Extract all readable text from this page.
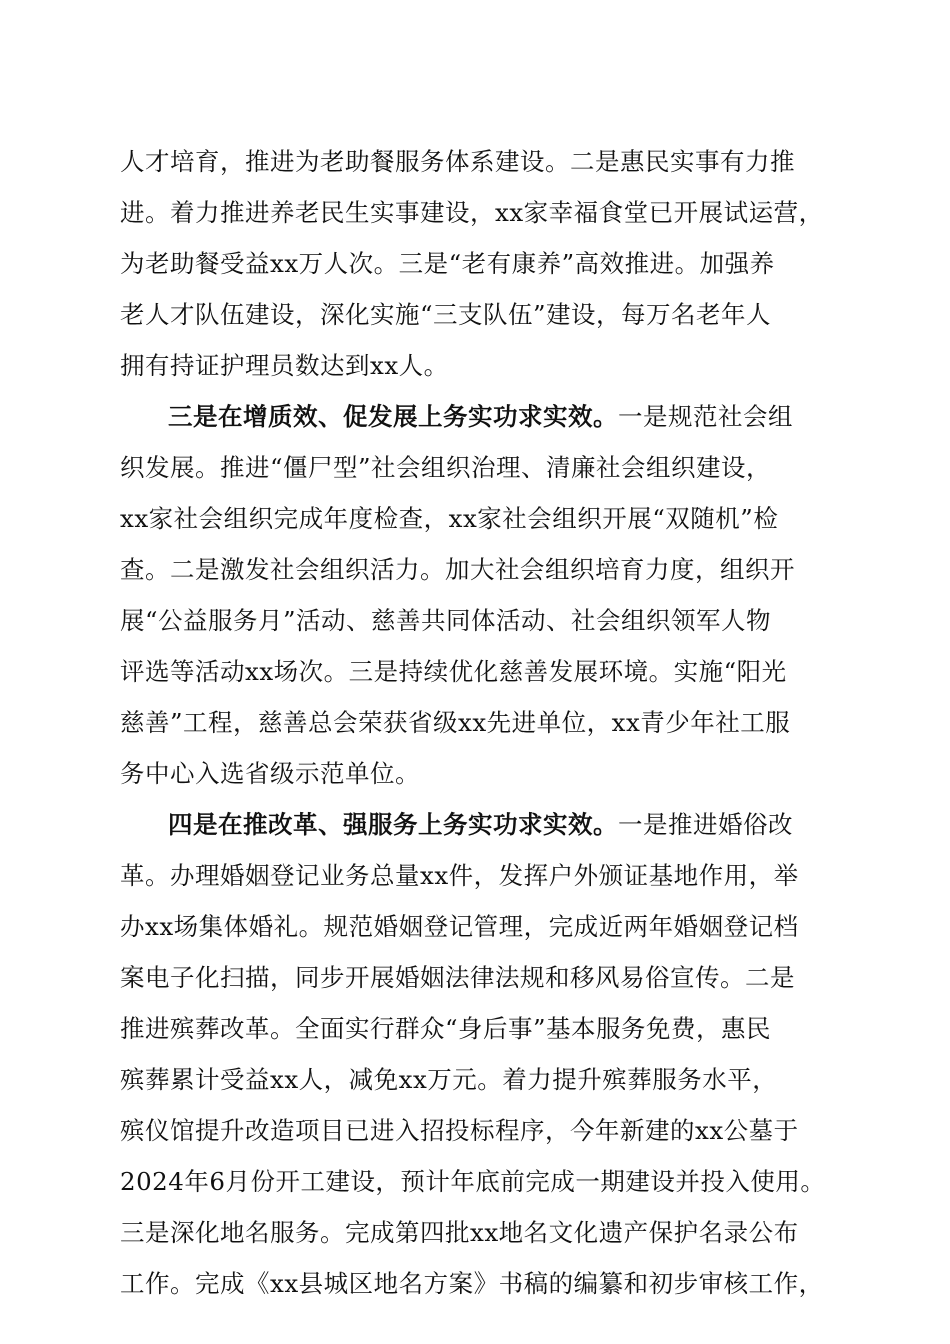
人才培育，推进为老助餐服务体系建设。二是惠民实事有力推
进。着力推进养老民生实事建设，xx家幸福食堂已开展试运营，
为老助餐受益xx万人次。三是“老有康养”高效推进。加强养
老人才队伍建设，深化实施“三支队伍”建设，每万名老年人
拥有持证护理员数达到xx人。
三是在增质效、促发展上务实功求实效。一是规范社会组
织发展。推进“僵尸型”社会组织治理、清廉社会组织建设，
xx家社会组织完成年度检查，xx家社会组织开展“双随机”检
查。二是激发社会组织活力。加大社会组织培育力度，组织开
展“公益服务月”活动、慈善共同体活动、社会组织领军人物
评选等活动xx场次。三是持续优化慈善发展环境。实施“阳光
慈善”工程，慈善总会荣获省级xx先进单位，xx青少年社工服
务中心入选省级示范单位。
四是在推改革、强服务上务实功求实效。一是推进婚俗改
革。办理婚姻登记业务总量xx件，发挥户外颁证基地作用，举
办xx场集体婚礼。规范婚姻登记管理，完成近两年婚姻登记档
案电子化扫描，同步开展婚姻法律法规和移风易俗宣传。二是
推进殡葬改革。全面实行群众“身后事”基本服务免费，惠民
殡葬累计受益xx人，减免xx万元。着力提升殡葬服务水平，
殡仪馆提升改造项目已进入招投标程序，今年新建的xx公墓于
2024年6月份开工建设，预计年底前完成一期建设并投入使用。
三是深化地名服务。完成第四批xx地名文化遗产保护名录公布
工作。完成《xx县城区地名方案》书稿的编纂和初步审核工作，
